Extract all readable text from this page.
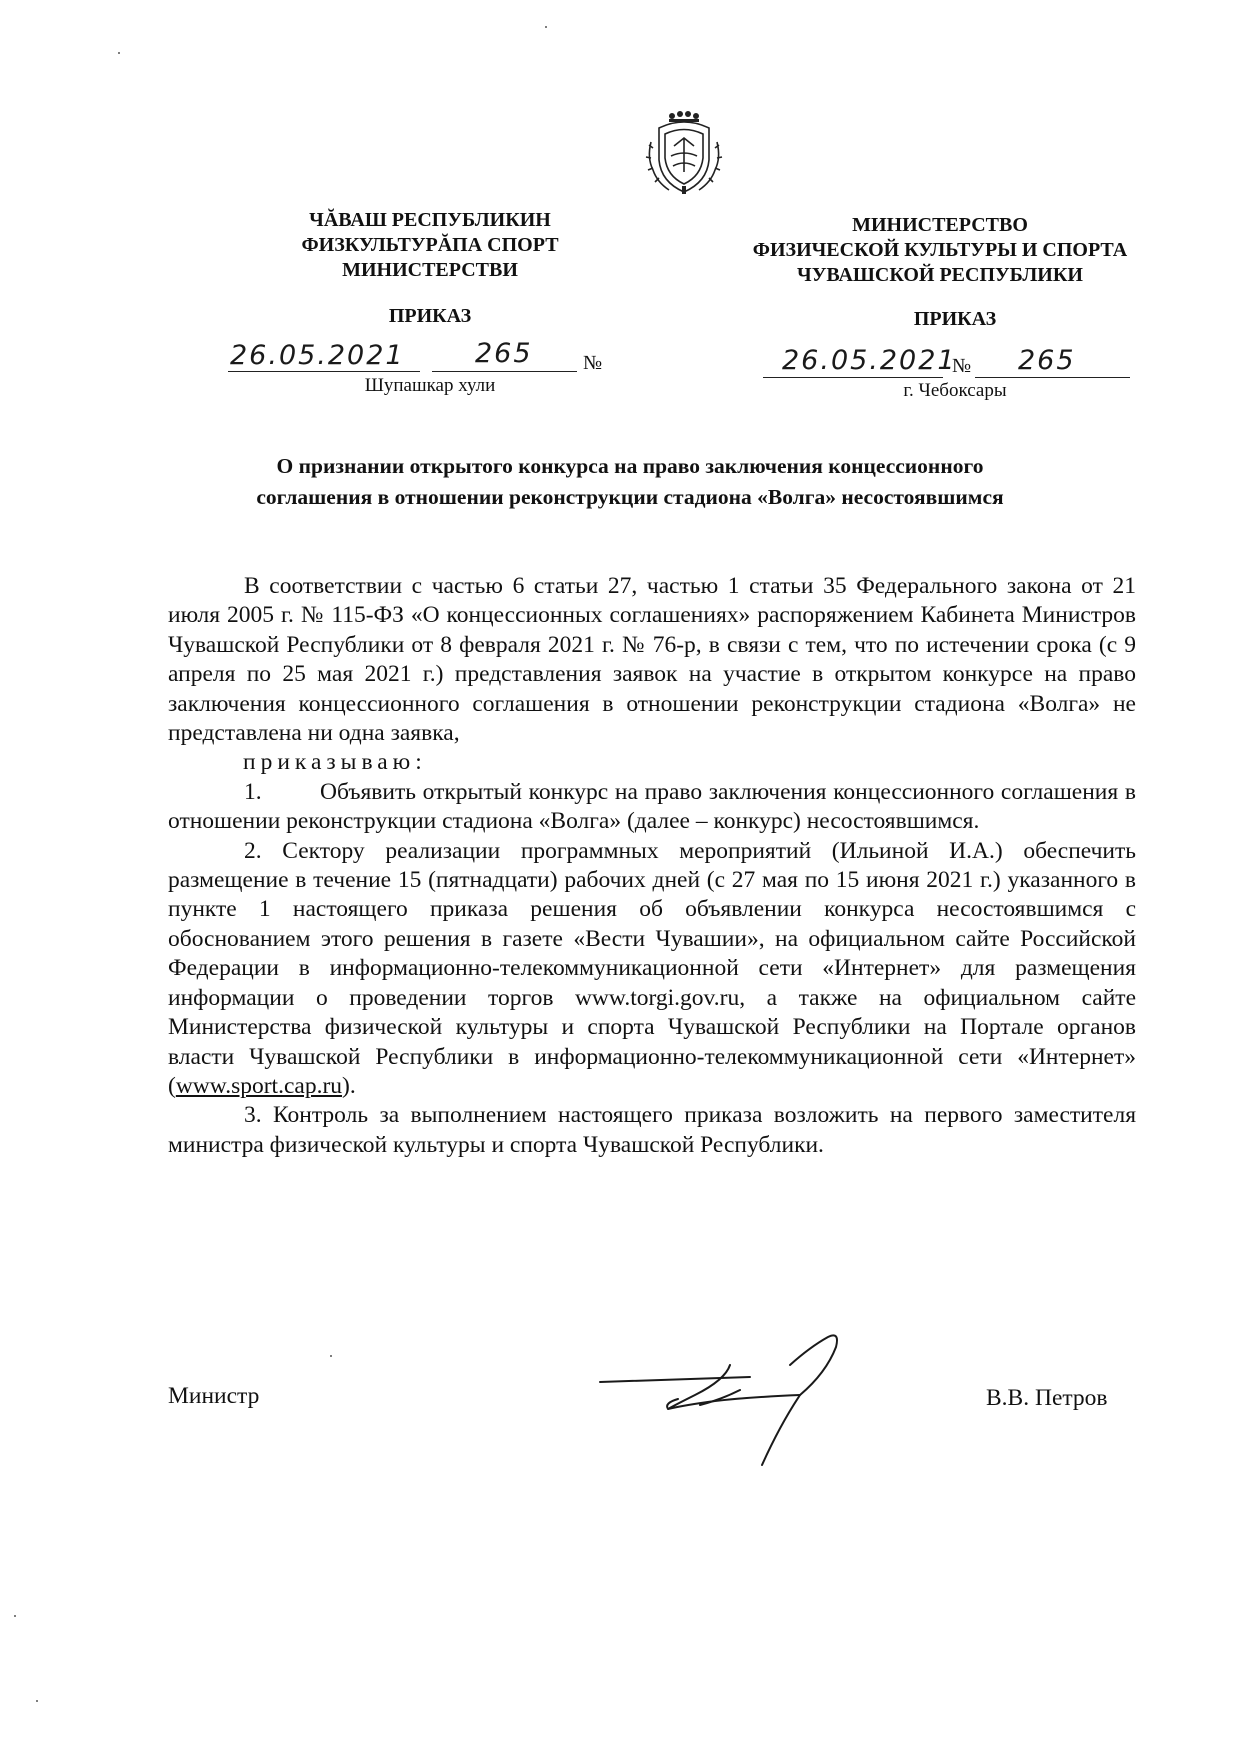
ЧĂВАШ РЕСПУБЛИКИН
ФИЗКУЛЬТУРĂПА СПОРТ
МИНИСТЕРСТВИ
МИНИСТЕРСТВО
ФИЗИЧЕСКОЙ КУЛЬТУРЫ И СПОРТА
ЧУВАШСКОЙ РЕСПУБЛИКИ
ПРИКАЗ	ПРИКАЗ
26.05.2021	265	№
Шупашкар хули
26.05.2021
№ 265
г. Чебоксары
О признании открытого конкурса на право заключения концессионного
соглашения в отношении реконструкции стадиона «Волга» несостоявшимся

В соответствии с частью 6 статьи 27, частью 1 статьи 35 Федерального закона от 21 июля 2005 г. № 115-ФЗ «О концессионных соглашениях» распоряжением Кабинета Министров Чувашской Республики от 8 февраля 2021 г. № 76-р, в связи с тем, что по истечении срока (с 9 апреля по 25 мая 2021 г.) представления заявок на участие в открытом конкурсе на право заключения концессионного соглашения в отношении реконструкции стадиона «Волга» не представлена ни одна заявка,

приказываю:

1. Объявить открытый конкурс на право заключения концессионного соглашения в отношении реконструкции стадиона «Волга» (далее – конкурс) несостоявшимся.

2. Сектору реализации программных мероприятий (Ильиной И.А.) обеспечить размещение в течение 15 (пятнадцати) рабочих дней (с 27 мая по 15 июня 2021 г.) указанного в пункте 1 настоящего приказа решения об объявлении конкурса несостоявшимся с обоснованием этого решения в газете «Вести Чувашии», на официальном сайте Российской Федерации в информационно-телекоммуникационной сети «Интернет» для размещения информации о проведении торгов www.torgi.gov.ru, а также на официальном сайте Министерства физической культуры и спорта Чувашской Республики на Портале органов власти Чувашской Республики в информационно-телекоммуникационной сети «Интернет» (www.sport.cap.ru).

3. Контроль за выполнением настоящего приказа возложить на первого заместителя министра физической культуры и спорта Чувашской Республики.

Министр	В.В. Петров
